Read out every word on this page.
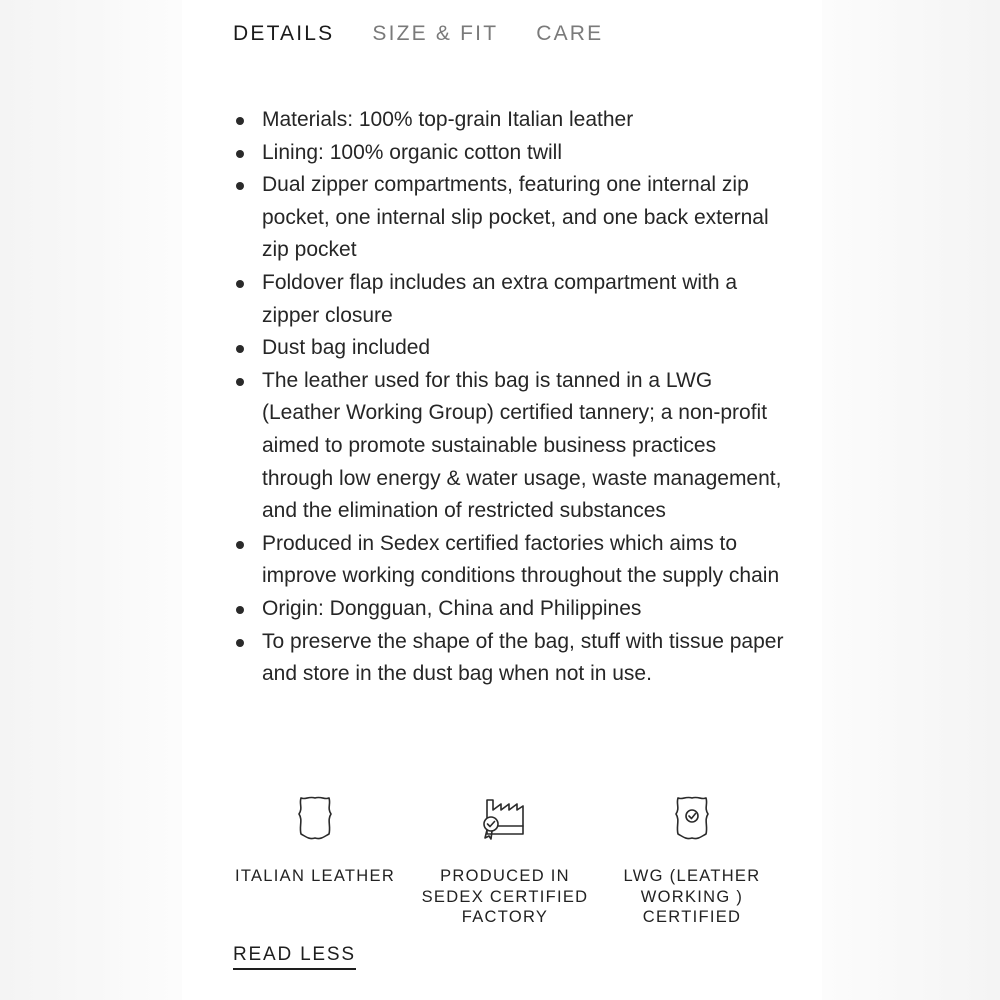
DETAILS SIZE & FIT CARE
Materials: 100% top-grain Italian leather
Lining: 100% organic cotton twill
Dual zipper compartments, featuring one internal zip pocket, one internal slip pocket, and one back external zip pocket
Foldover flap includes an extra compartment with a zipper closure
Dust bag included
The leather used for this bag is tanned in a LWG (Leather Working Group) certified tannery; a non-profit aimed to promote sustainable business practices through low energy & water usage, waste management, and the elimination of restricted substances
Produced in Sedex certified factories which aims to improve working conditions throughout the supply chain
Origin: Dongguan, China and Philippines
To preserve the shape of the bag, stuff with tissue paper and store in the dust bag when not in use.
ITALIAN LEATHER	PRODUCED IN SEDEX CERTIFIED FACTORY
LWG (LEATHER WORKING ) CERTIFIED
READ LESS
